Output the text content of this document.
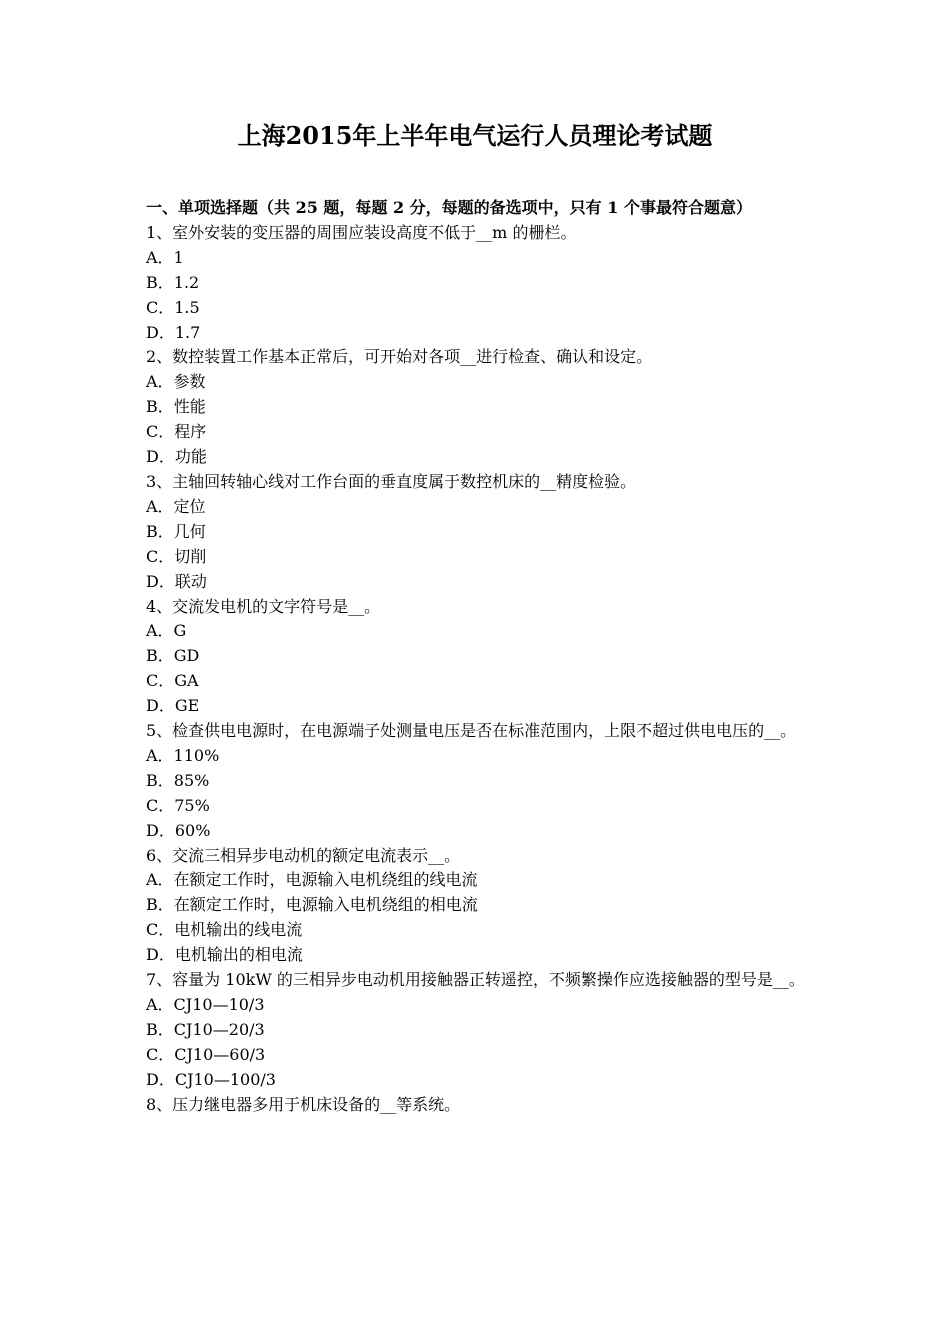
上海2015年上半年电气运行人员理论考试题
一、单项选择题（共 25 题，每题 2 分，每题的备选项中，只有 1 个事最符合题意）
1、室外安装的变压器的周围应装设高度不低于__m 的栅栏。
A．1
B．1.2
C．1.5
D．1.7
2、数控装置工作基本正常后，可开始对各项__进行检查、确认和设定。
A．参数
B．性能
C．程序
D．功能
3、主轴回转轴心线对工作台面的垂直度属于数控机床的__精度检验。
A．定位
B．几何
C．切削
D．联动
4、交流发电机的文字符号是__。
A．G
B．GD
C．GA
D．GE
5、检查供电电源时，在电源端子处测量电压是否在标准范围内，上限不超过供电电压的__。
A．110%
B．85%
C．75%
D．60%
6、交流三相异步电动机的额定电流表示__。
A．在额定工作时，电源输入电机绕组的线电流
B．在额定工作时，电源输入电机绕组的相电流
C．电机输出的线电流
D．电机输出的相电流
7、容量为 10kW 的三相异步电动机用接触器正转遥控，不频繁操作应选接触器的型号是__。
A．CJ10—10/3
B．CJ10—20/3
C．CJ10—60/3
D．CJ10—100/3
8、压力继电器多用于机床设备的__等系统。
